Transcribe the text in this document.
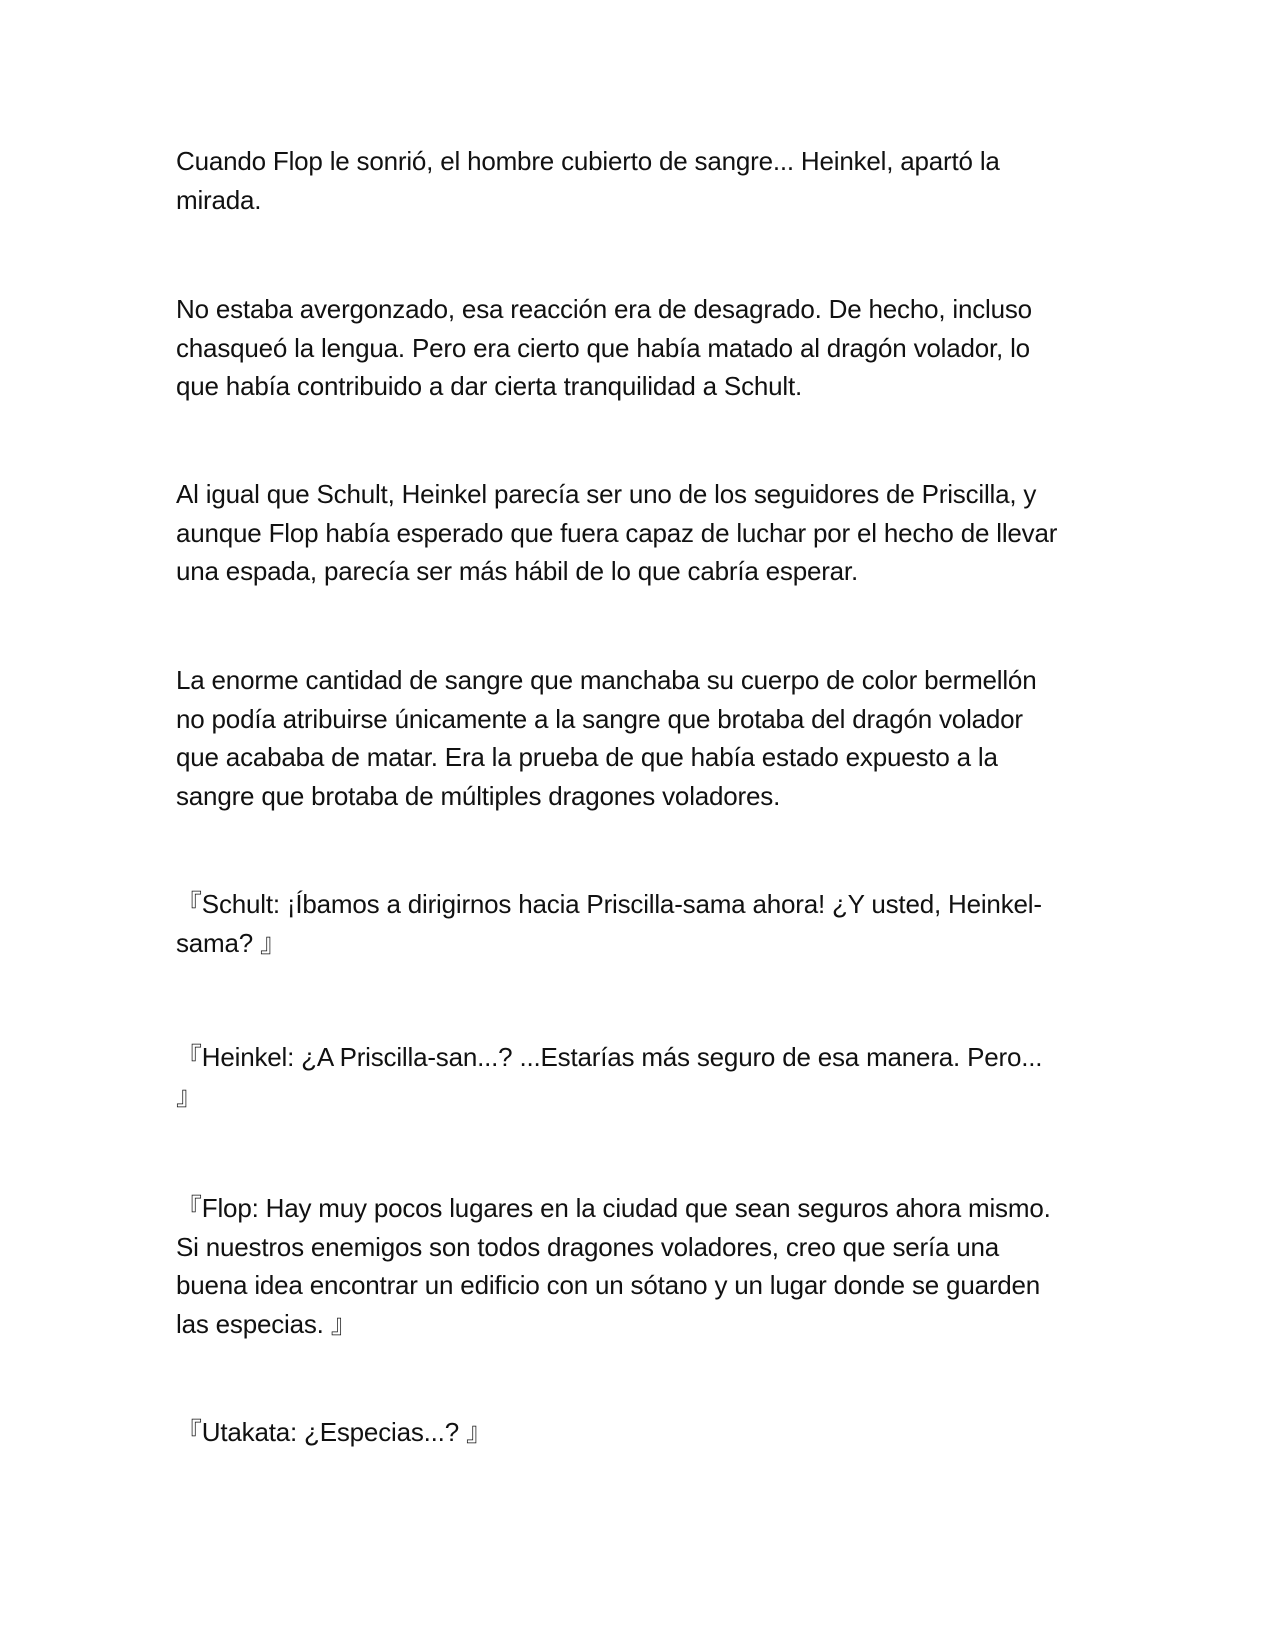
Cuando Flop le sonrió, el hombre cubierto de sangre... Heinkel, apartó la
mirada.

No estaba avergonzado, esa reacción era de desagrado. De hecho, incluso
chasqueó la lengua. Pero era cierto que había matado al dragón volador, lo
que había contribuido a dar cierta tranquilidad a Schult.

Al igual que Schult, Heinkel parecía ser uno de los seguidores de Priscilla, y
aunque Flop había esperado que fuera capaz de luchar por el hecho de llevar
una espada, parecía ser más hábil de lo que cabría esperar.

La enorme cantidad de sangre que manchaba su cuerpo de color bermellón
no podía atribuirse únicamente a la sangre que brotaba del dragón volador
que acababa de matar. Era la prueba de que había estado expuesto a la
sangre que brotaba de múltiples dragones voladores.

『Schult: ¡Íbamos a dirigirnos hacia Priscilla-sama ahora! ¿Y usted, Heinkel-
sama? 』

『Heinkel: ¿A Priscilla-san...? ...Estarías más seguro de esa manera. Pero...
』

『Flop: Hay muy pocos lugares en la ciudad que sean seguros ahora mismo.
Si nuestros enemigos son todos dragones voladores, creo que sería una
buena idea encontrar un edificio con un sótano y un lugar donde se guarden
las especias. 』

『Utakata: ¿Especias...? 』
